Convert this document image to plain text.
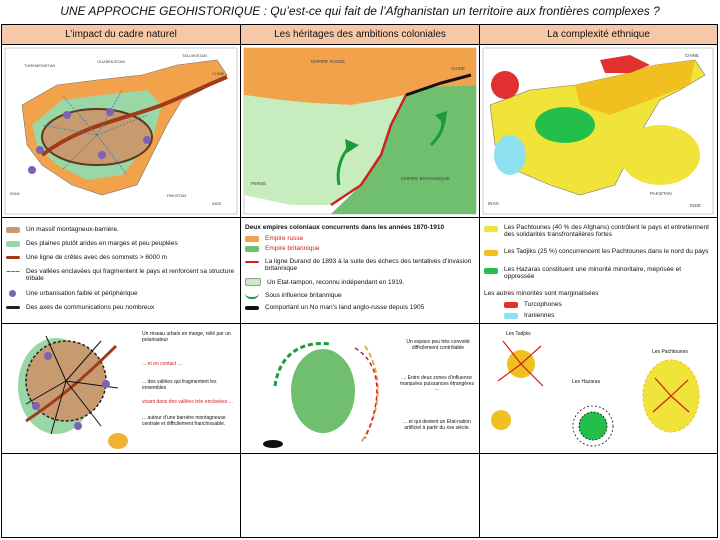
UNE APPROCHE GEOHISTORIQUE : Qu’est-ce qui fait de l’Afghanistan un territoire aux frontières complexes ?
L’impact du cadre naturel	Les héritages des ambitions coloniales	La complexité ethnique
TURKMENISTAN
OUZBÉKISTAN
TADJIKISTAN
CHINE
IRAN	PAKISTAN
INDE
EMPIRE RUSSE
EMPIRE BRITANNIQUE
PERSE
CHINE
CHINE
IRAN
PAKISTAN
INDE
Un massif montagneux-barrière.
Des plaines plutôt arides en marges et peu peuplées
Une ligne de crêtes avec des sommets > 6000 m
Des vallées enclavées qui fragmentent le pays et renforcent sa structure tribale
Une urbanisation faible et périphérique
Des axes de communications peu nombreux
Deux empires coloniaux concurrents dans les années 1870-1910
Empire russe
Empire britannique
La ligne Durand de 1893 à la suite des échecs des tentatives d’invasion britannique
Un Etat-tampon, reconnu indépendant en 1919.
Sous influence britannique
Comportant un No man’s land anglo-russe depuis 1905
Les Pachtounes (40 % des Afghans) contrôlent le pays et entretiennent des solidarités transfrontalières fortes
Les Tadjiks (25 %) concurrencent les Pachtounes dans le nord du pays
Les Hazaras constituent une minorité minoritaire, méprisée et oppressée
Les autres minorités sont marginalisées
Turcophones
Iraniennes
Un réseau urbain en marge, relié par un polarisateur
... et en contact ...
... des vallées qui fragmentent les ensembles
vivant dans des vallées très enclavées ...
... autour d’une barrière montagneuse centrale et difficilement franchissable.
Un espace peu très convoité difficilement contrôlable
... Entre deux zones d’influence marquées puissances étrangères ...
... et qui devient un Etat-nation artificiel à partir du xxe siècle.
Les Tadjiks
Les Pachtounes
Les Hazaras
